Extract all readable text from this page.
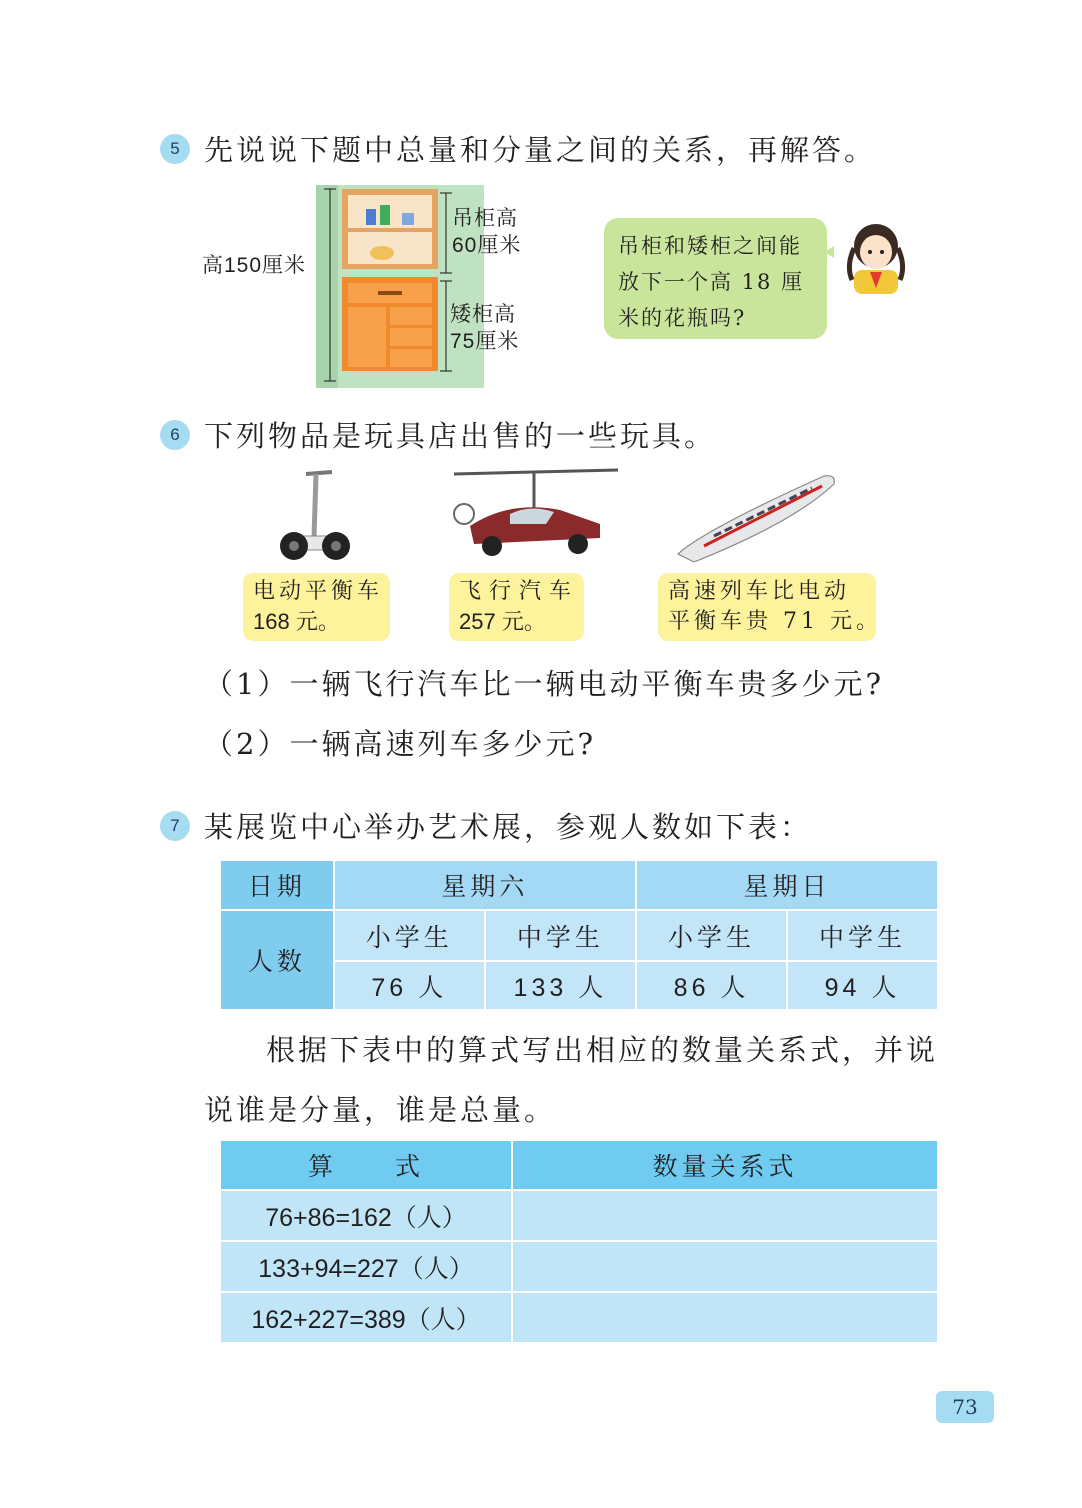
5 先说说下题中总量和分量之间的关系，再解答。
高150厘米
吊柜高
60厘米
矮柜高
75厘米
吊柜和矮柜之间能
放下一个高 18 厘
米的花瓶吗?
6 下列物品是玩具店出售的一些玩具。
电动平衡车
168 元。
飞行汽车
257 元。
高速列车比电动
平衡车贵 71 元。
（1）一辆飞行汽车比一辆电动平衡车贵多少元?
（2）一辆高速列车多少元?
7 某展览中心举办艺术展，参观人数如下表：
日期	星期六		星期日	
人数	小学生	中学生	小学生	中学生
	76 人	133 人	86 人	94 人
根据下表中的算式写出相应的数量关系式，并说
说谁是分量，谁是总量。
算　　式	数量关系式
76+86=162（人）	
133+94=227（人）	
162+227=389（人）	
73
